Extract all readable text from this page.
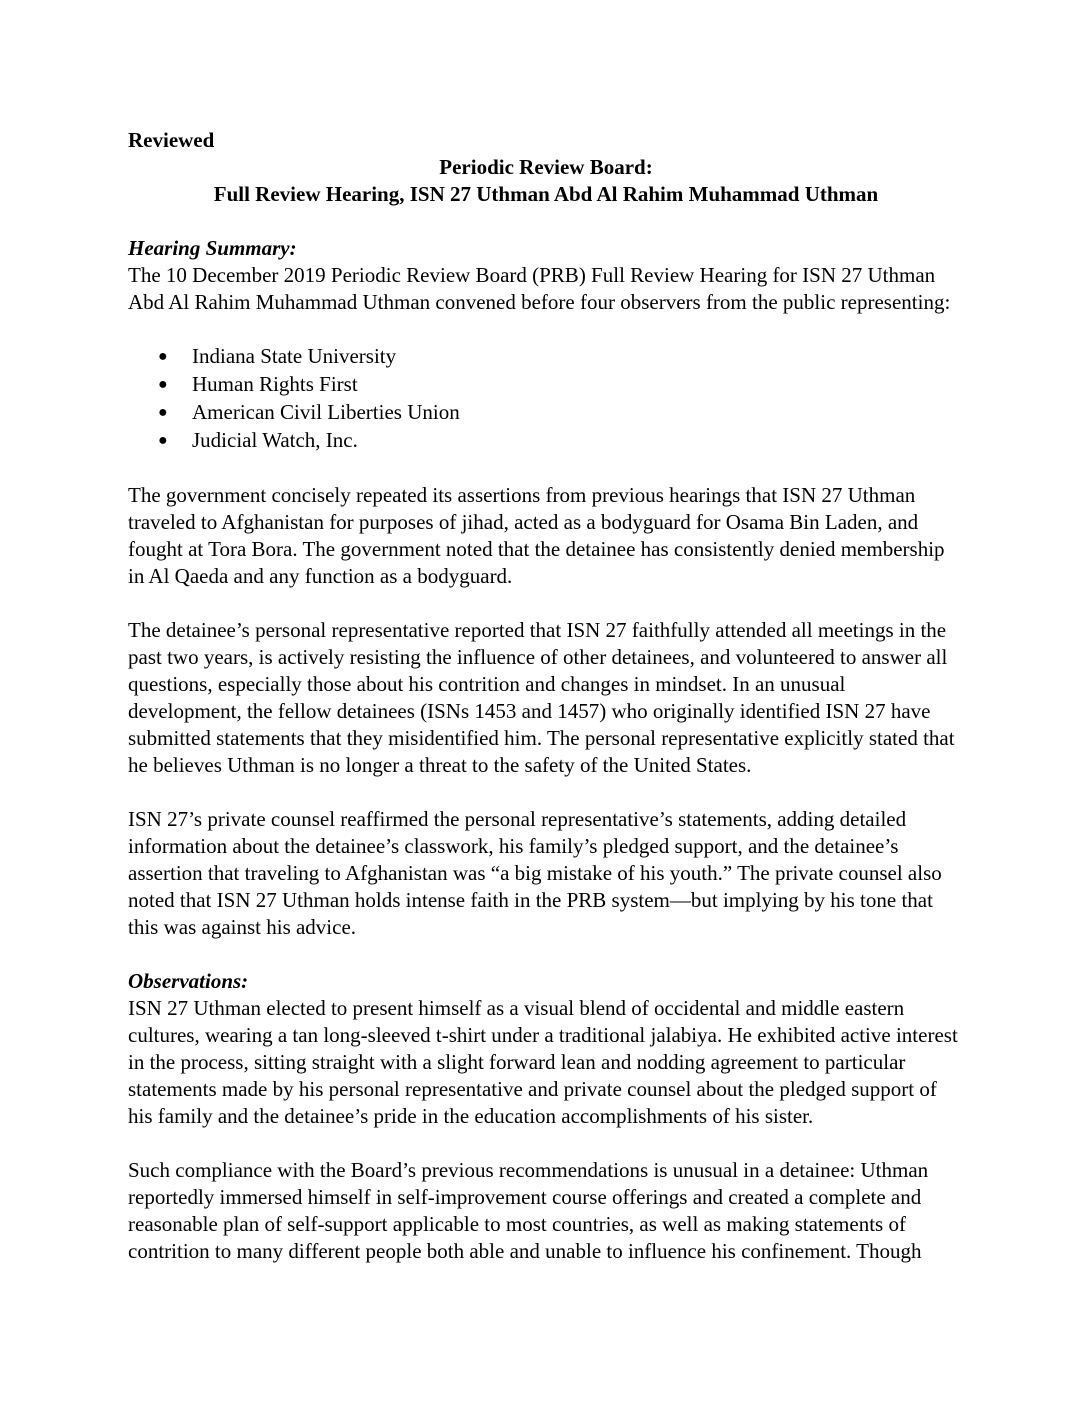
Reviewed

Periodic Review Board:
Full Review Hearing, ISN 27 Uthman Abd Al Rahim Muhammad Uthman

Hearing Summary:

The 10 December 2019 Periodic Review Board (PRB) Full Review Hearing for ISN 27 Uthman Abd Al Rahim Muhammad Uthman convened before four observers from the public representing:

● Indiana State University
● Human Rights First
● American Civil Liberties Union
● Judicial Watch, Inc.

The government concisely repeated its assertions from previous hearings that ISN 27 Uthman traveled to Afghanistan for purposes of jihad, acted as a bodyguard for Osama Bin Laden, and fought at Tora Bora. The government noted that the detainee has consistently denied membership in Al Qaeda and any function as a bodyguard.

The detainee’s personal representative reported that ISN 27 faithfully attended all meetings in the past two years, is actively resisting the influence of other detainees, and volunteered to answer all questions, especially those about his contrition and changes in mindset. In an unusual development, the fellow detainees (ISNs 1453 and 1457) who originally identified ISN 27 have submitted statements that they misidentified him. The personal representative explicitly stated that he believes Uthman is no longer a threat to the safety of the United States.

ISN 27’s private counsel reaffirmed the personal representative’s statements, adding detailed information about the detainee’s classwork, his family’s pledged support, and the detainee’s assertion that traveling to Afghanistan was “a big mistake of his youth.” The private counsel also noted that ISN 27 Uthman holds intense faith in the PRB system—but implying by his tone that this was against his advice.

Observations:

ISN 27 Uthman elected to present himself as a visual blend of occidental and middle eastern cultures, wearing a tan long-sleeved t-shirt under a traditional jalabiya. He exhibited active interest in the process, sitting straight with a slight forward lean and nodding agreement to particular statements made by his personal representative and private counsel about the pledged support of his family and the detainee’s pride in the education accomplishments of his sister.

Such compliance with the Board’s previous recommendations is unusual in a detainee: Uthman reportedly immersed himself in self-improvement course offerings and created a complete and reasonable plan of self-support applicable to most countries, as well as making statements of contrition to many different people both able and unable to influence his confinement. Though
